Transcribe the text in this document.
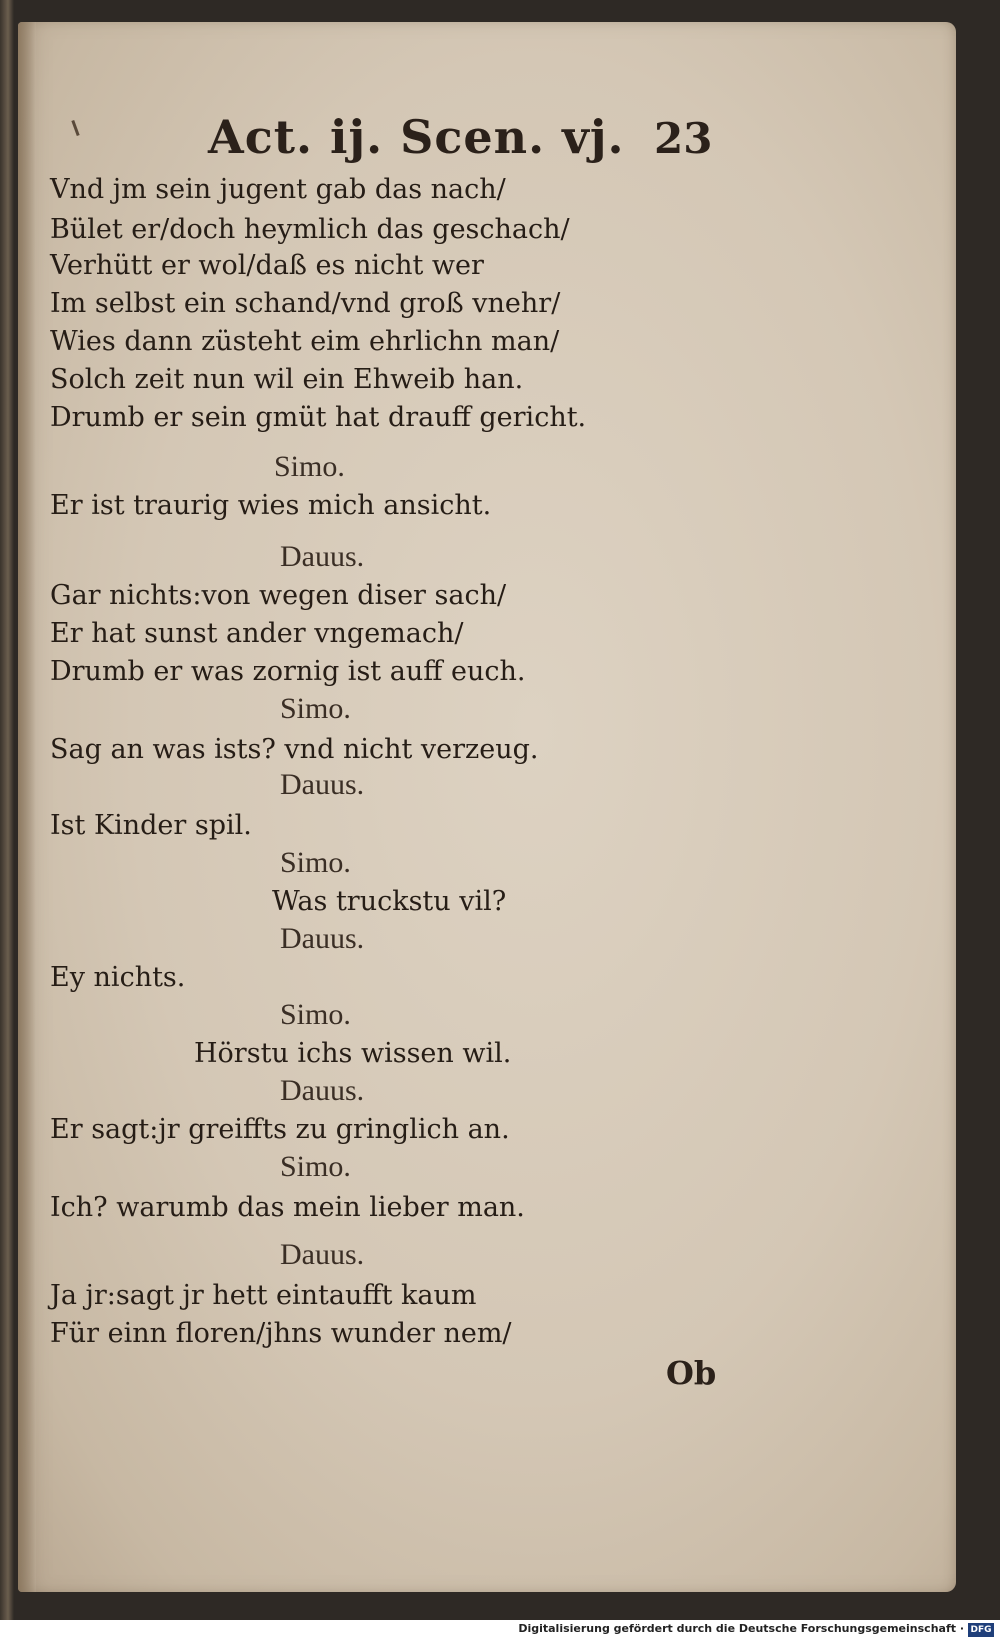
Act. ij. Scen. vj. 23
Vnd jm sein jugent gab das nach/
Bület er/doch heymlich das geschach/
Verhütt er wol/daß es nicht wer
Im selbst ein schand/vnd groß vnehr/
Wies dann züsteht eim ehrlichn man/
Solch zeit nun wil ein Ehweib han.
Drumb er sein gmüt hat drauff gericht.
Simo.
Er ist traurig wies mich ansicht.
Dauus.
Gar nichts:von wegen diser sach/
Er hat sunst ander vngemach/
Drumb er was zornig ist auff euch.
Simo.
Sag an was ists? vnd nicht verzeug.
Dauus.
Ist Kinder spil.
Simo.
Was truckstu vil?
Dauus.
Ey nichts.
Simo.
Hörstu ichs wissen wil.
Dauus.
Er sagt:jr greiffts zu gringlich an.
Simo.
Ich? warumb das mein lieber man.
Dauus.
Ja jr:sagt jr hett eintaufft kaum
Für einn floren/jhns wunder nem/
Ob
Digitalisierung gefördert durch die Deutsche Forschungsgemeinschaft · DFG
